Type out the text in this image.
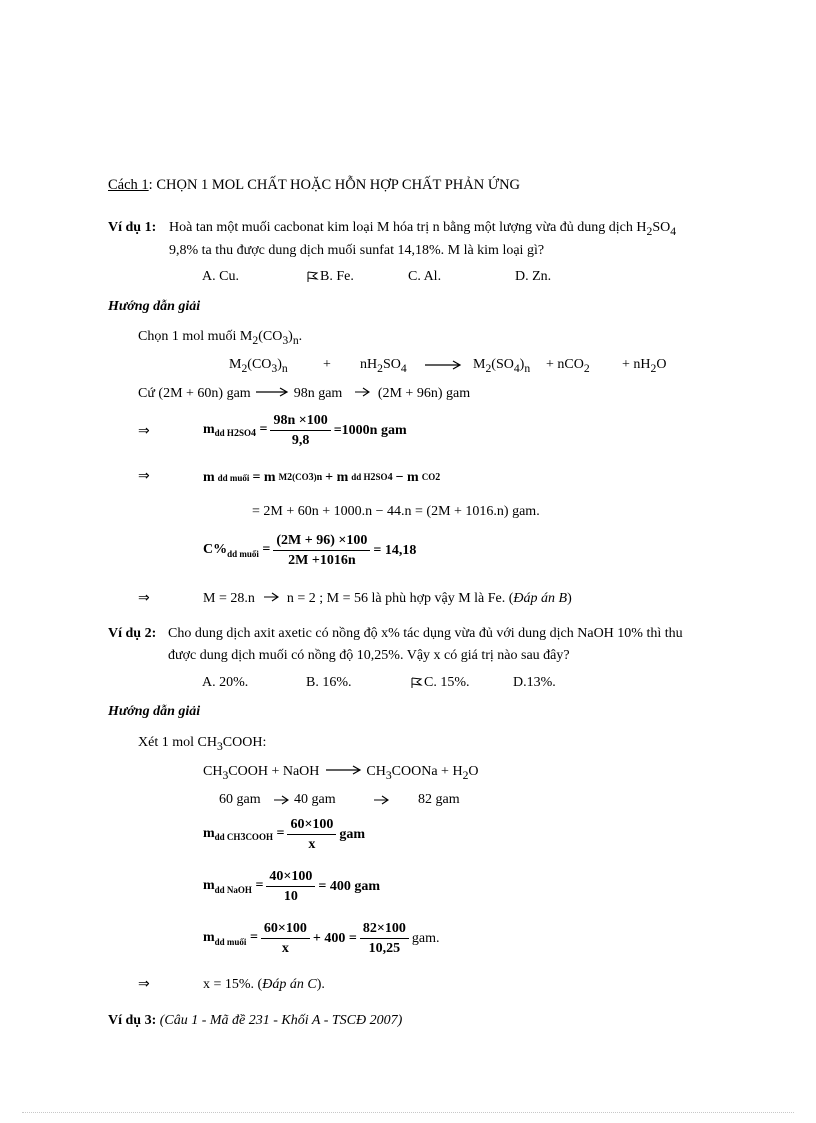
Cách 1: CHỌN 1 MOL CHẤT HOẶC HỖN HỢP CHẤT PHẢN ỨNG
Ví dụ 1: Hoà tan một muối cacbonat kim loại M hóa trị n bằng một lượng vừa đủ dung dịch $H_2SO_4$
9,8% ta thu được dung dịch muối sunfat 14,18%. M là kim loại gì?
A. Cu.	B. Fe.	C. Al.	D. Zn.
Hướng dẫn giải
Chọn 1 mol muối $M_2(CO_3)_n$.
$M_2(CO_3)_n$	+ $nH_2SO_4 \to M_2(SO_4)_n + nCO_2 + nH_2O$
Cứ (2M + 60n) gam	98n gam	(2M + 96n) gam
⇒	$m_{dd H2SO4} = \frac{98n \times 100}{9,8} =1000n$ gam
⇒	m dd muối = m M2(CO3)n + m dd H2SO4 − m CO2
= 2M + 60n + 1000.n − 44.n = (2M + 1016.n) gam.
$C\%_{dd muối} = \frac{(2M + 96) \times 100}{2M +1016n} = 14,18$
⇒	M = 28.n n = 2 ; M = 56 là phù hợp vậy M là Fe. (Đáp án B)
Ví dụ 2: Cho dung dịch axit axetic có nồng độ x% tác dụng vừa đủ với dung dịch NaOH 10% thì thu
được dung dịch muối có nồng độ 10,25%. Vậy x có giá trị nào sau đây?
A. 20%.	B. 16%.	C. 15%.	D.13%.
Hướng dẫn giải
Xét 1 mol $CH_3COOH$:
$CH_3COOH$ + NaOH → $CH_3COONa + H_2O$
60 gam 40 gam	82 gam
$m_{dd CH3COOH} = \frac{60\times 100}{x}$ gam
$m_{dd NaOH} = \frac{40\times 100}{10} = 400$ gam
$m_{dd muối} = \frac{60\times 100}{x} + 400 = \frac{82\times 100}{10,25}$ gam.
⇒	x = 15%. (Đáp án C).
Ví dụ 3: (Câu 1 - Mã đề 231 - Khối A - TSCĐ 2007)
